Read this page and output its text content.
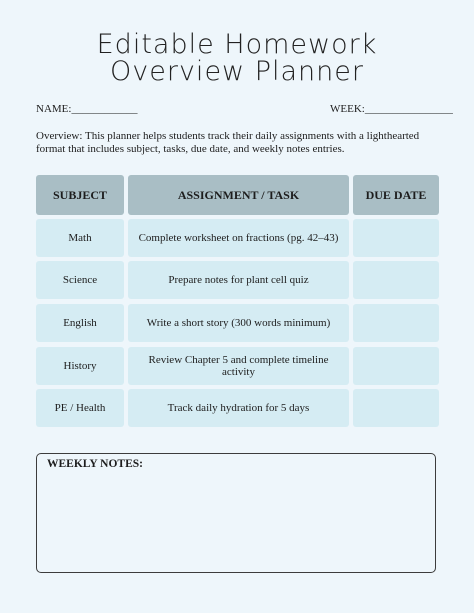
Editable Homework
Overview Planner
NAME:____________	WEEK:________________
Overview: This planner helps students track their daily assignments with a lighthearted format that includes subject, tasks, due date, and weekly notes entries.
SUBJECT	ASSIGNMENT / TASK	DUE DATE
Math	Complete worksheet on fractions (pg. 42–43)
Science	Prepare notes for plant cell quiz
English	Write a short story (300 words minimum)
History	Review Chapter 5 and complete timeline activity
PE / Health	Track daily hydration for 5 days
WEEKLY NOTES:
